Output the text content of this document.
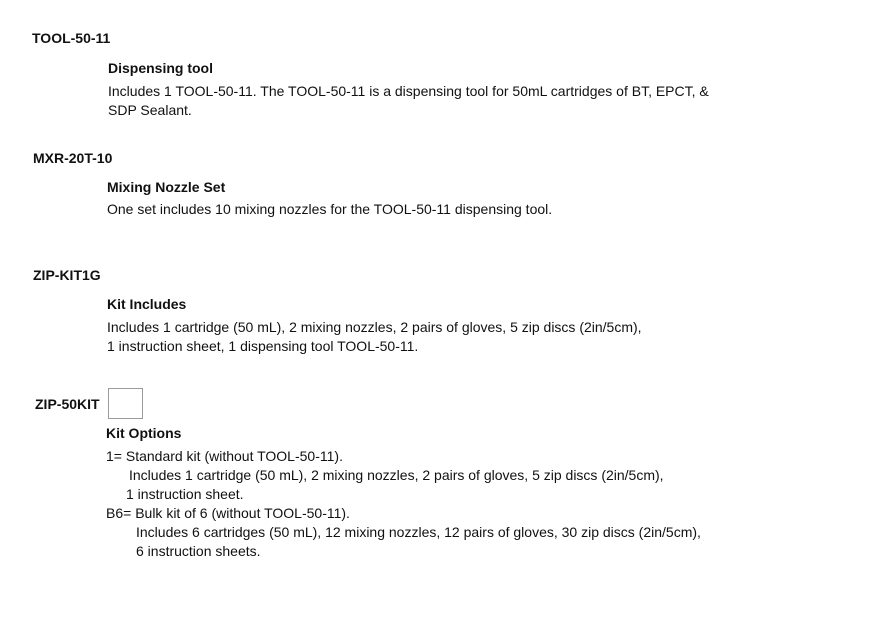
TOOL-50-11
Dispensing tool
Includes 1 TOOL-50-11. The TOOL-50-11 is a dispensing tool for 50mL cartridges of BT, EPCT, &
SDP Sealant.
MXR-20T-10
Mixing Nozzle Set
One set includes 10 mixing nozzles for the TOOL-50-11 dispensing tool.
ZIP-KIT1G
Kit Includes
Includes 1 cartridge (50 mL), 2 mixing nozzles, 2 pairs of gloves, 5 zip discs (2in/5cm),
1 instruction sheet, 1 dispensing tool TOOL-50-11.
ZIP-50KIT
Kit Options
1= Standard kit (without TOOL-50-11).
Includes 1 cartridge (50 mL), 2 mixing nozzles, 2 pairs of gloves, 5 zip discs (2in/5cm),
1 instruction sheet.
B6= Bulk kit of 6 (without TOOL-50-11).
Includes 6 cartridges (50 mL), 12 mixing nozzles, 12 pairs of gloves, 30 zip discs (2in/5cm),
6 instruction sheets.
